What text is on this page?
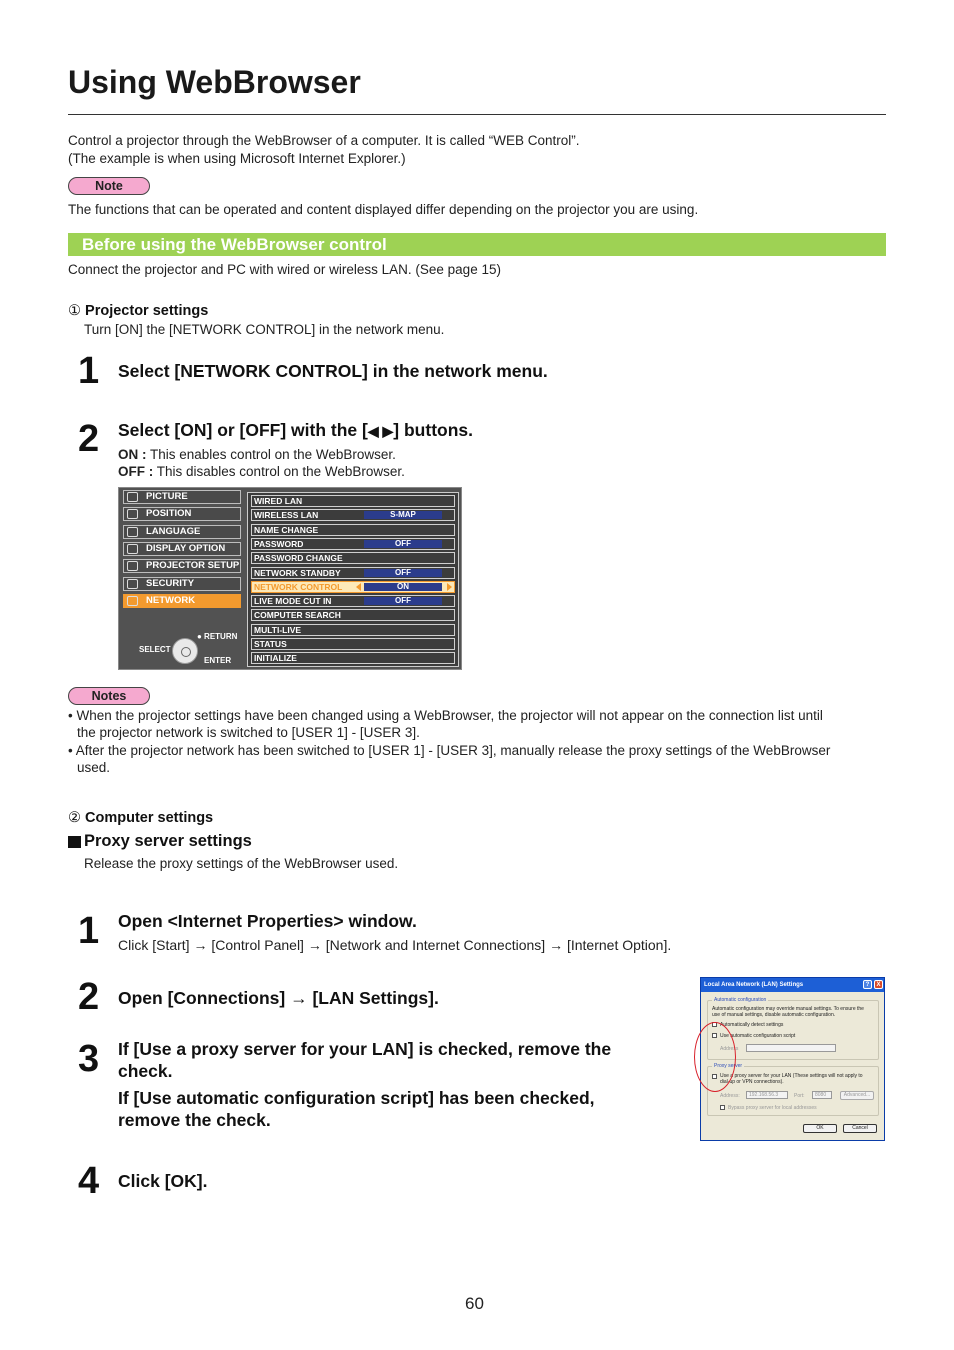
Using WebBrowser
Control a projector through the WebBrowser of a computer. It is called “WEB Control”.
(The example is when using Microsoft Internet Explorer.)
Note
The functions that can be operated and content displayed differ depending on the projector you are using.
Before using the WebBrowser control
Connect the projector and PC with wired or wireless LAN. (See page 15)
① Projector settings
Turn [ON] the [NETWORK CONTROL] in the network menu.
1 Select [NETWORK CONTROL] in the network menu.
2 Select [ON] or [OFF] with the [◀ ▶] buttons.
ON : This enables control on the WebBrowser.
OFF : This disables control on the WebBrowser.
PICTURE
POSITION
LANGUAGE
DISPLAY OPTION
PROJECTOR SETUP
SECURITY
NETWORK
WIRED LAN
WIRELESS LAN	S-MAP
NAME CHANGE
PASSWORD	OFF
PASSWORD CHANGE
NETWORK STANDBY	OFF
NETWORK CONTROL	ON
LIVE MODE CUT IN	OFF
COMPUTER SEARCH
MULTI-LIVE
STATUS
INITIALIZE
SELECT
● RETURN
ENTER
Notes
• When the projector settings have been changed using a WebBrowser, the projector will not appear on the connection list until
the projector network is switched to [USER 1] - [USER 3].
• After the projector network has been switched to [USER 1] - [USER 3], manually release the proxy settings of the WebBrowser
used.
② Computer settings
Proxy server settings
Release the proxy settings of the WebBrowser used.
1 Open <Internet Properties> window.
Click [Start] → [Control Panel] → [Network and Internet Connections] → [Internet Option].
2 Open [Connections] → [LAN Settings].
3 If [Use a proxy server for your LAN] is checked, remove the
check.
If [Use automatic configuration script] has been checked,
remove the check.
4 Click [OK].
Local Area Network (LAN) Settings	?	X
Automatic configuration
Automatic configuration may override manual settings. To ensure the
use of manual settings, disable automatic configuration.
Automatically detect settings
Use automatic configuration script
Address
Proxy server
Use a proxy server for your LAN (These settings will not apply to
dial-up or VPN connections).
Address:	192.168.56.3	Port:	8080	Advanced...
Bypass proxy server for local addresses
OK	Cancel
60
